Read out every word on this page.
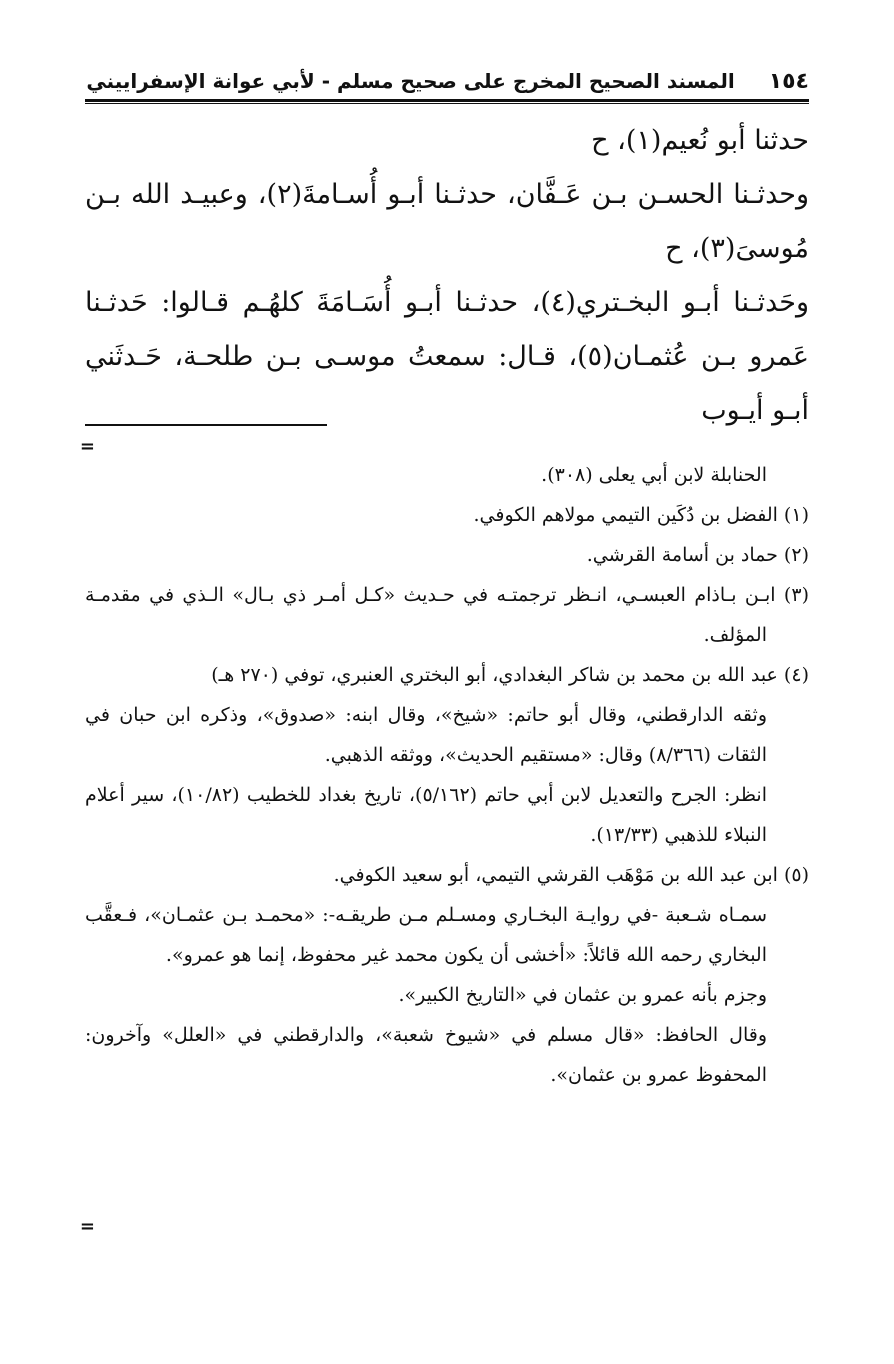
١٥٤
المسند الصحيح المخرج على صحيح مسلم - لأبي عوانة الإسفراييني

حدثنا أبو نُعيم(١)، ح

وحدثـنا الحسـن بـن عَـفَّان، حدثـنا أبـو أُسـامةَ(٢)، وعبيـد الله بـن مُوسىَ(٣)، ح

وحَدثـنا أبـو البخـتري(٤)، حدثـنا أبـو أُسَـامَةَ كلهُـم قـالوا: حَدثـنا عَمرو بـن عُثمـان(٥)، قـال: سمعتُ موسـى بـن طلحـة، حَـدثَني أبـو أيـوب

=

الحنابلة لابن أبي يعلى (٣٠٨).

(١) الفضل بن دُكَين التيمي مولاهم الكوفي.

(٢) حماد بن أسامة القرشي.

(٣) ابـن بـاذام العبسـي، انـظر ترجمتـه في حـديث «كـل أمـر ذي بـال» الـذي في مقدمـة المؤلف.

(٤) عبد الله بن محمد بن شاكر البغدادي، أبو البختري العنبري، توفي (٢٧٠ هـ)

وثقه الدارقطني، وقال أبو حاتم: «شيخ»، وقال ابنه: «صدوق»، وذكره ابن حبان في الثقات (٨/٣٦٦) وقال: «مستقيم الحديث»، ووثقه الذهبي.

انظر: الجرح والتعديل لابن أبي حاتم (٥/١٦٢)، تاريخ بغداد للخطيب (١٠/٨٢)، سير أعلام النبلاء للذهبي (١٣/٣٣).

(٥) ابن عبد الله بن مَوْهَب القرشي التيمي، أبو سعيد الكوفي.

سمـاه شـعبة -في روايـة البخـاري ومسـلم مـن طريقـه-: «محمـد بـن عثمـان»، فـعقَّب البخاري رحمه الله قائلاً: «أخشى أن يكون محمد غير محفوظ، إنما هو عمرو».

وجزم بأنه عمرو بن عثمان في «التاريخ الكبير».

وقال الحافظ: «قال مسلم في «شيوخ شعبة»، والدارقطني في «العلل» وآخرون: المحفوظ عمرو بن عثمان».

=
